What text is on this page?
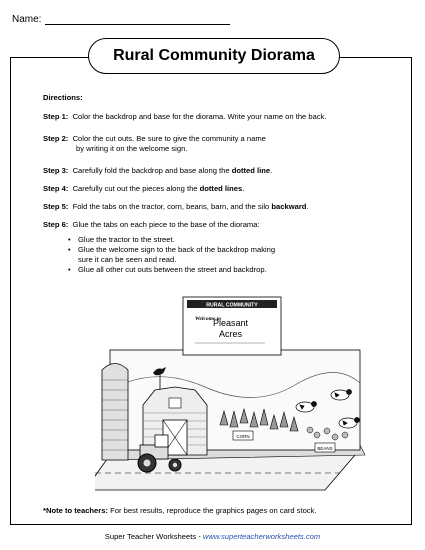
Name:
Rural Community Diorama
Directions:
Step 1: Color the backdrop and base for the diorama. Write your name on the back.
Step 2: Color the cut outs. Be sure to give the community a name
by writing it on the welcome sign.
Step 3: Carefully fold the backdrop and base along the dotted line.
Step 4: Carefully cut out the pieces along the dotted lines.
Step 5: Fold the tabs on the tractor, corn, beans, barn, and the silo backward.
Step 6: Glue the tabs on each piece to the base of the diorama:
• Glue the tractor to the street.
• Glue the welcome sign to the back of the backdrop making
sure it can be seen and read.
• Glue all other cut outs between the street and backdrop.
RURAL COMMUNITY
Welcome to
Pleasant
Acres
CORN
BEANS
*Note to teachers: For best results, reproduce the graphics pages on card stock.
Super Teacher Worksheets - www.superteacherworksheets.com
